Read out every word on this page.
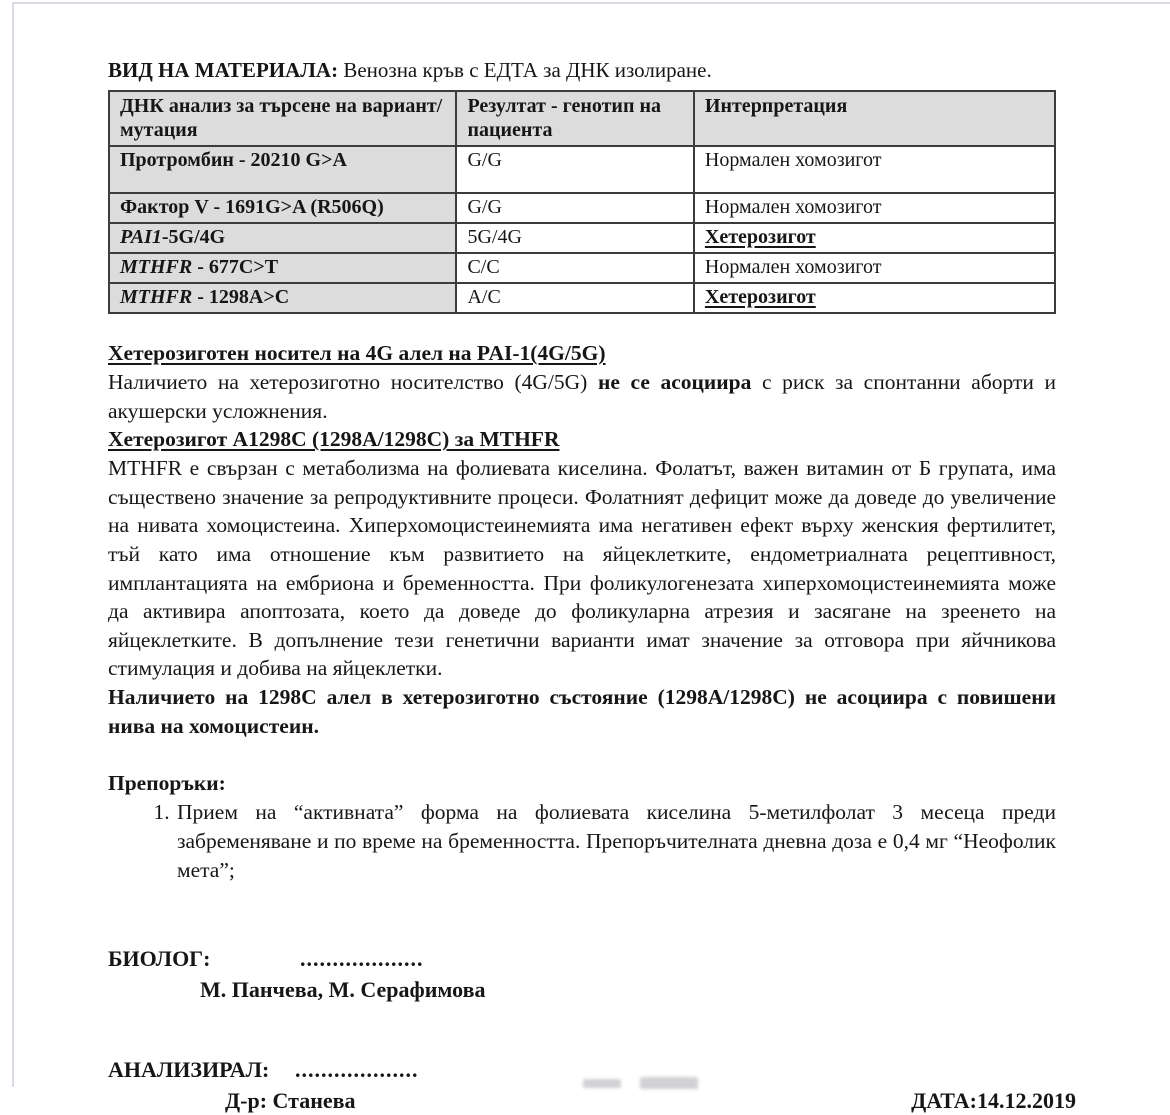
ВИД НА МАТЕРИАЛА: Венозна кръв с ЕДТА за ДНК изолиране.

ДНК анализ за търсене на вариант/мутация	Резултат - генотип на пациента	Интерпретация
Протромбин - 20210 G>A	G/G	Нормален хомозигот
Фактор V - 1691G>A (R506Q)	G/G	Нормален хомозигот
PAI1-5G/4G	5G/4G	Хетерозигот
MTHFR - 677C>T	C/C	Нормален хомозигот
MTHFR - 1298A>C	A/C	Хетерозигот
Хетерозиготен носител на 4G алел на PAI-1(4G/5G)

Наличието на хетерозиготно носителство (4G/5G) не се асоциира с риск за спонтанни аборти и акушерски усложнения.

Хетерозигот А1298С (1298А/1298С) за MTHFR

MTHFR е свързан с метаболизма на фолиевата киселина. Фолатът, важен витамин от Б групата, има съществено значение за репродуктивните процеси. Фолатният дефицит може да доведе до увеличение на нивата хомоцистеина. Хиперхомоцистеинемията има негативен ефект върху женския фертилитет, тъй като има отношение към развитието на яйцеклетките, ендометриалната рецептивност, имплантацията на ембриона и бременността. При фоликулогенезата хиперхомоцистеинемията може да активира апоптозата, което да доведе до фоликуларна атрезия и засягане на зреенето на яйцеклетките. В допълнение тези генетични варианти имат значение за отговора при яйчникова стимулация и добива на яйцеклетки.

Наличието на 1298С алел в хетерозиготно състояние (1298А/1298С) не асоциира с повишени нива на хомоцистеин.

Препоръки:

1. Прием на “активната” форма на фолиевата киселина 5-метилфолат 3 месеца преди забременяване и по време на бременността. Препоръчителната дневна доза е 0,4 мг “Неофолик мета”;
БИОЛОГ:	...................
М. Панчева, М. Серафимова
АНАЛИЗИРАЛ:	...................
Д-р: Станева	ДАТА:14.12.2019
